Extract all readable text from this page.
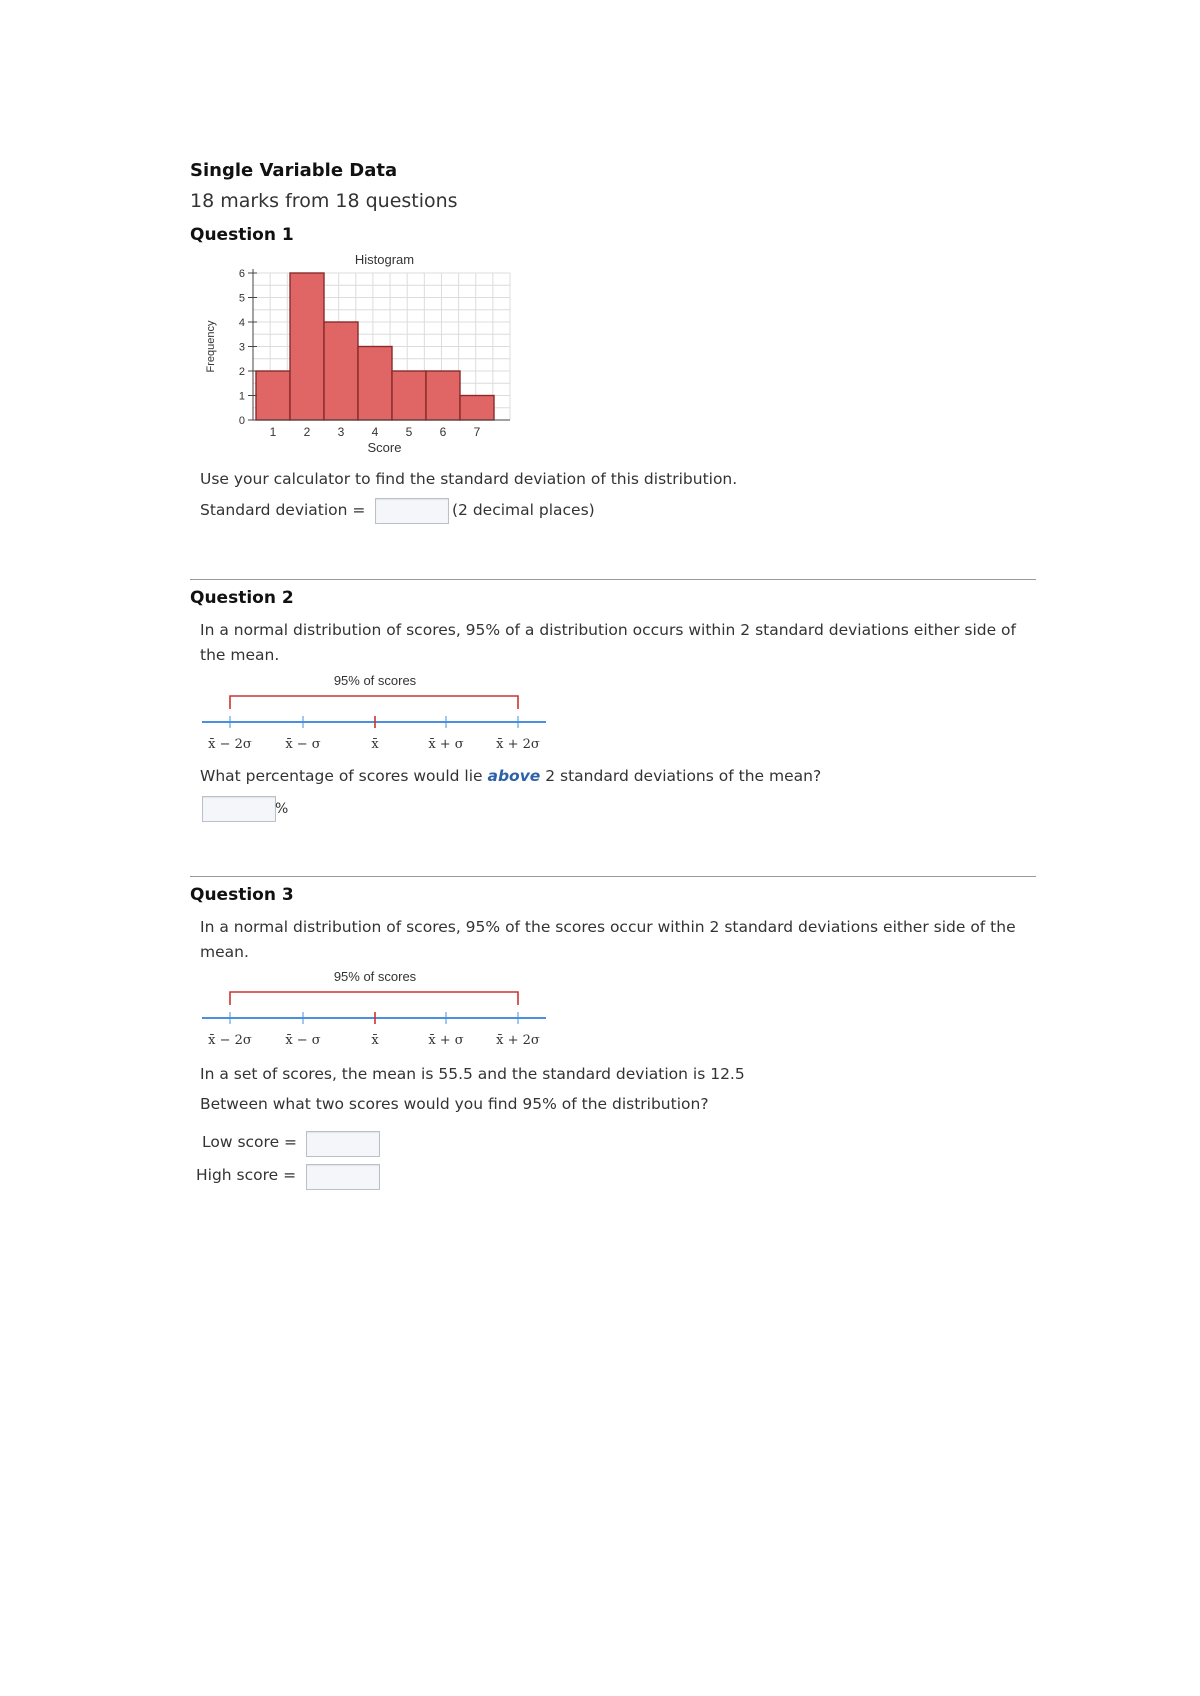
Single Variable Data
18 marks from 18 questions
Question 1
0
1
2
3
4
5
6
1 2 3 4 5 6 7
Histogram
Score
Frequency
Use your calculator to find the standard deviation of this distribution.
Standard deviation =	(2 decimal places)
Question 2
In a normal distribution of scores, 95% of a distribution occurs within 2 standard deviations either side of the mean.
95% of scores
x̄ − 2σ	x̄ − σ	x̄	x̄ + σ x̄ + 2σ
What percentage of scores would lie above 2 standard deviations of the mean?
%
Question 3
In a normal distribution of scores, 95% of the scores occur within 2 standard deviations either side of the mean.
95% of scores
x̄ − 2σ	x̄ − σ	x̄	x̄ + σ x̄ + 2σ
In a set of scores, the mean is 55.5 and the standard deviation is 12.5
Between what two scores would you find 95% of the distribution?
Low score =
High score =
